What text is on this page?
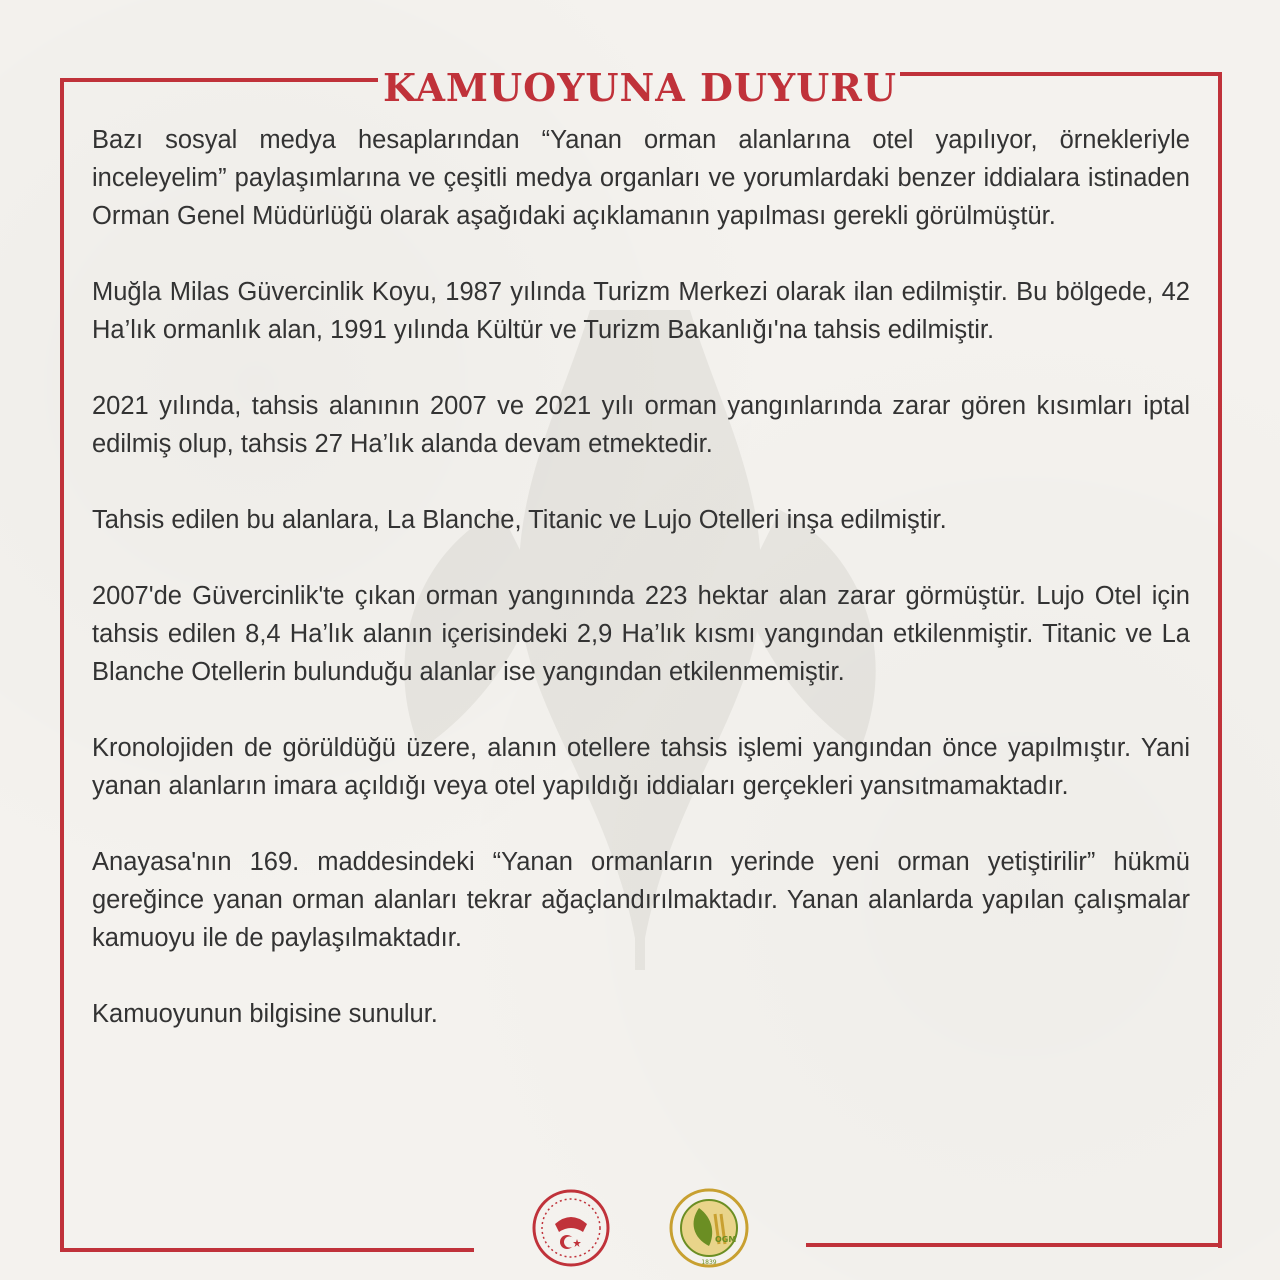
KAMUOYUNA DUYURU

Bazı sosyal medya hesaplarından “Yanan orman alanlarına otel yapılıyor, örnekleriyle inceleyelim” paylaşımlarına ve çeşitli medya organları ve yorumlardaki benzer iddialara istinaden Orman Genel Müdürlüğü olarak aşağıdaki açıklamanın yapılması gerekli görülmüştür.

Muğla Milas Güvercinlik Koyu, 1987 yılında Turizm Merkezi olarak ilan edilmiştir. Bu bölgede, 42 Ha’lık ormanlık alan, 1991 yılında Kültür ve Turizm Bakanlığı'na tahsis edilmiştir.

2021 yılında, tahsis alanının 2007 ve 2021 yılı orman yangınlarında zarar gören kısımları iptal edilmiş olup, tahsis 27 Ha’lık alanda devam etmektedir.

Tahsis edilen bu alanlara, La Blanche, Titanic ve Lujo Otelleri inşa edilmiştir.

2007'de Güvercinlik'te çıkan orman yangınında 223 hektar alan zarar görmüştür. Lujo Otel için tahsis edilen 8,4 Ha’lık alanın içerisindeki 2,9 Ha’lık kısmı yangından etkilenmiştir. Titanic ve La Blanche Otellerin bulunduğu alanlar ise yangından etkilenmemiştir.

Kronolojiden de görüldüğü üzere, alanın otellere tahsis işlemi yangından önce yapılmıştır. Yani yanan alanların imara açıldığı veya otel yapıldığı iddiaları gerçekleri yansıtmamaktadır.

Anayasa'nın 169. maddesindeki “Yanan ormanların yerinde yeni orman yetiştirilir” hükmü gereğince yanan orman alanları tekrar ağaçlandırılmaktadır. Yanan alanlarda yapılan çalışmalar kamuoyu ile de paylaşılmaktadır.

Kamuoyunun bilgisine sunulur.

OGM
1839
